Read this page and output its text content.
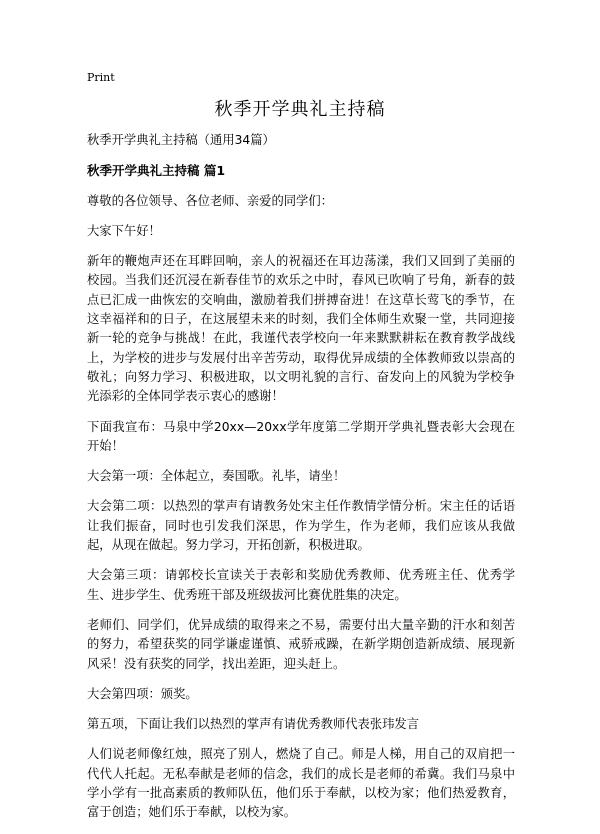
Print
秋季开学典礼主持稿

秋季开学典礼主持稿（通用34篇）

秋季开学典礼主持稿 篇1

尊敬的各位领导、各位老师、亲爱的同学们：

大家下午好！

新年的鞭炮声还在耳畔回响，亲人的祝福还在耳边荡漾，我们又回到了美丽的校园。当我们还沉浸在新春佳节的欢乐之中时，春风已吹响了号角，新春的鼓点已汇成一曲恢宏的交响曲，激励着我们拼搏奋进！在这草长莺飞的季节，在这幸福祥和的日子，在这展望未来的时刻，我们全体师生欢聚一堂，共同迎接新一轮的竞争与挑战！在此，我谨代表学校向一年来默默耕耘在教育教学战线上，为学校的进步与发展付出辛苦劳动，取得优异成绩的全体教师致以崇高的敬礼；向努力学习、积极进取，以文明礼貌的言行、奋发向上的风貌为学校争光添彩的全体同学表示衷心的感谢！

下面我宣布：马泉中学20xx—20xx学年度第二学期开学典礼暨表彰大会现在开始！

大会第一项：全体起立，奏国歌。礼毕，请坐！

大会第二项：以热烈的掌声有请教务处宋主任作教情学情分析。宋主任的话语让我们振奋，同时也引发我们深思，作为学生，作为老师，我们应该从我做起，从现在做起。努力学习，开拓创新，积极进取。

大会第三项：请郭校长宣读关于表彰和奖励优秀教师、优秀班主任、优秀学生、进步学生、优秀班干部及班级拔河比赛优胜集的决定。

老师们、同学们，优异成绩的取得来之不易，需要付出大量辛勤的汗水和刻苦的努力，希望获奖的同学谦虚谨慎、戒骄戒躁，在新学期创造新成绩、展现新风采！没有获奖的同学，找出差距，迎头赶上。

大会第四项：颁奖。

第五项，下面让我们以热烈的掌声有请优秀教师代表张玮发言

人们说老师像红烛，照亮了别人，燃烧了自己。师是人梯，用自己的双肩把一代代人托起。无私奉献是老师的信念，我们的成长是老师的希冀。我们马泉中学小学有一批高素质的教师队伍，他们乐于奉献，以校为家；他们热爱教育，富于创造；她们乐于奉献，以校为家。
